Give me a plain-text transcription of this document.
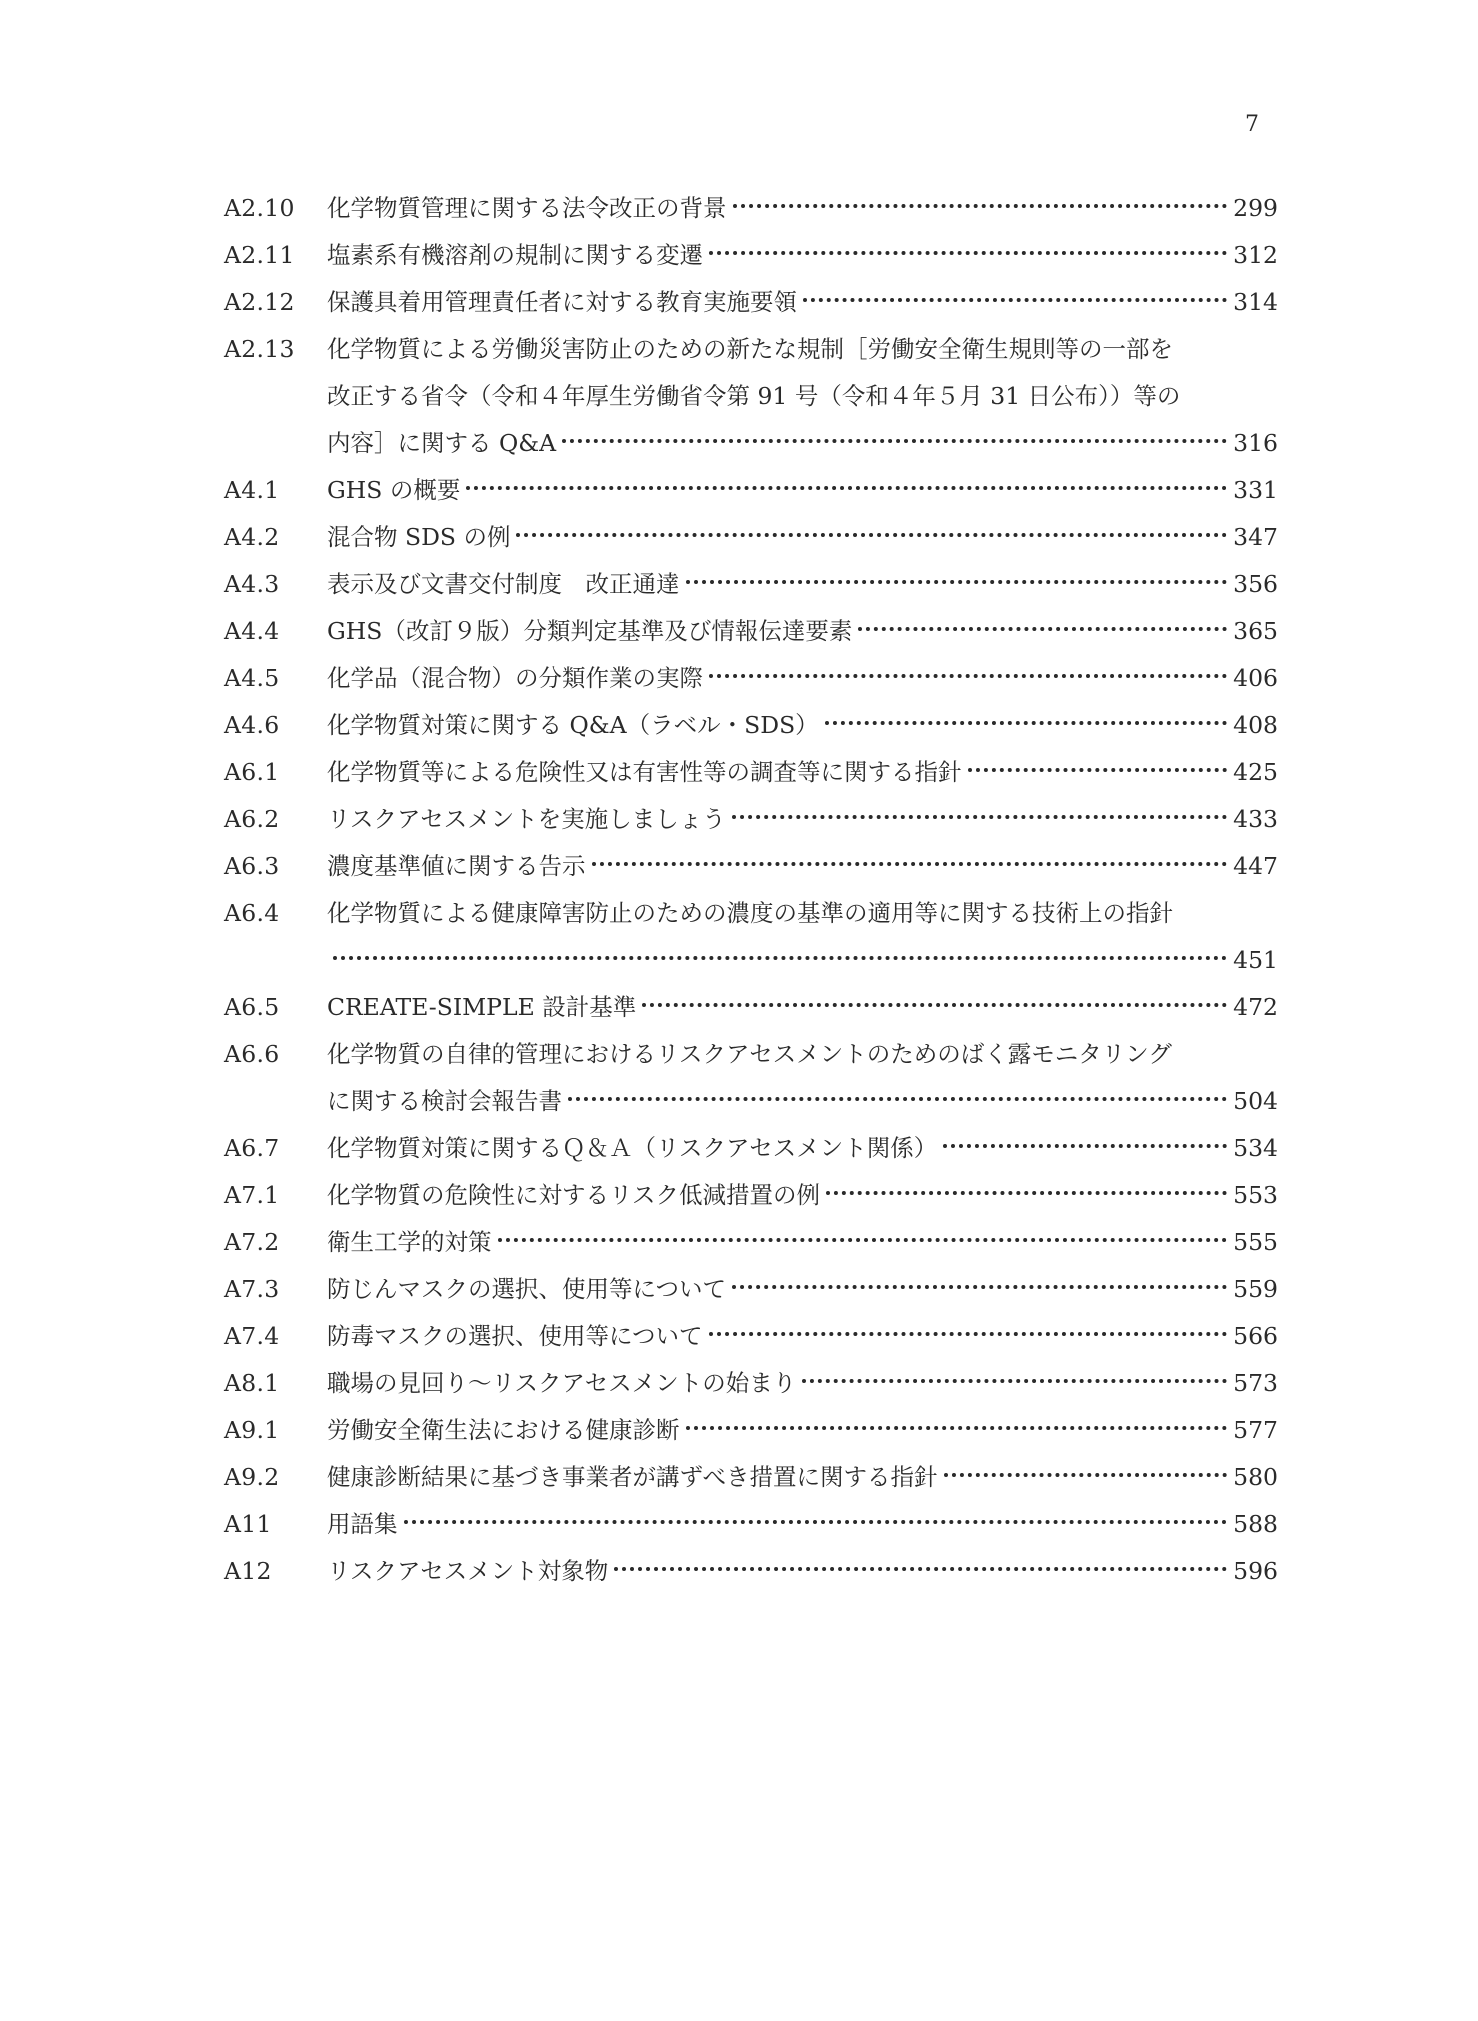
7
A2.10	化学物質管理に関する法令改正の背景	299
A2.11	塩素系有機溶剤の規制に関する変遷	312
A2.12	保護具着用管理責任者に対する教育実施要領	314
A2.13	化学物質による労働災害防止のための新たな規制［労働安全衛生規則等の一部を
改正する省令（令和４年厚生労働省令第 91 号（令和４年５月 31 日公布））等の
内容］に関する Q&A	316
A4.1	GHS の概要	331
A4.2	混合物 SDS の例	347
A4.3	表示及び文書交付制度　改正通達	356
A4.4	GHS（改訂９版）分類判定基準及び情報伝達要素	365
A4.5	化学品（混合物）の分類作業の実際	406
A4.6	化学物質対策に関する Q&A（ラベル・SDS）	408
A6.1	化学物質等による危険性又は有害性等の調査等に関する指針	425
A6.2	リスクアセスメントを実施しましょう	433
A6.3	濃度基準値に関する告示	447
A6.4	化学物質による健康障害防止のための濃度の基準の適用等に関する技術上の指針
451
A6.5	CREATE-SIMPLE 設計基準	472
A6.6	化学物質の自律的管理におけるリスクアセスメントのためのばく露モニタリング
に関する検討会報告書	504
A6.7	化学物質対策に関するＱ＆Ａ（リスクアセスメント関係）	534
A7.1	化学物質の危険性に対するリスク低減措置の例	553
A7.2	衛生工学的対策	555
A7.3	防じんマスクの選択、使用等について	559
A7.4	防毒マスクの選択、使用等について	566
A8.1	職場の見回り～リスクアセスメントの始まり	573
A9.1	労働安全衛生法における健康診断	577
A9.2	健康診断結果に基づき事業者が講ずべき措置に関する指針	580
A11	用語集	588
A12	リスクアセスメント対象物	596
